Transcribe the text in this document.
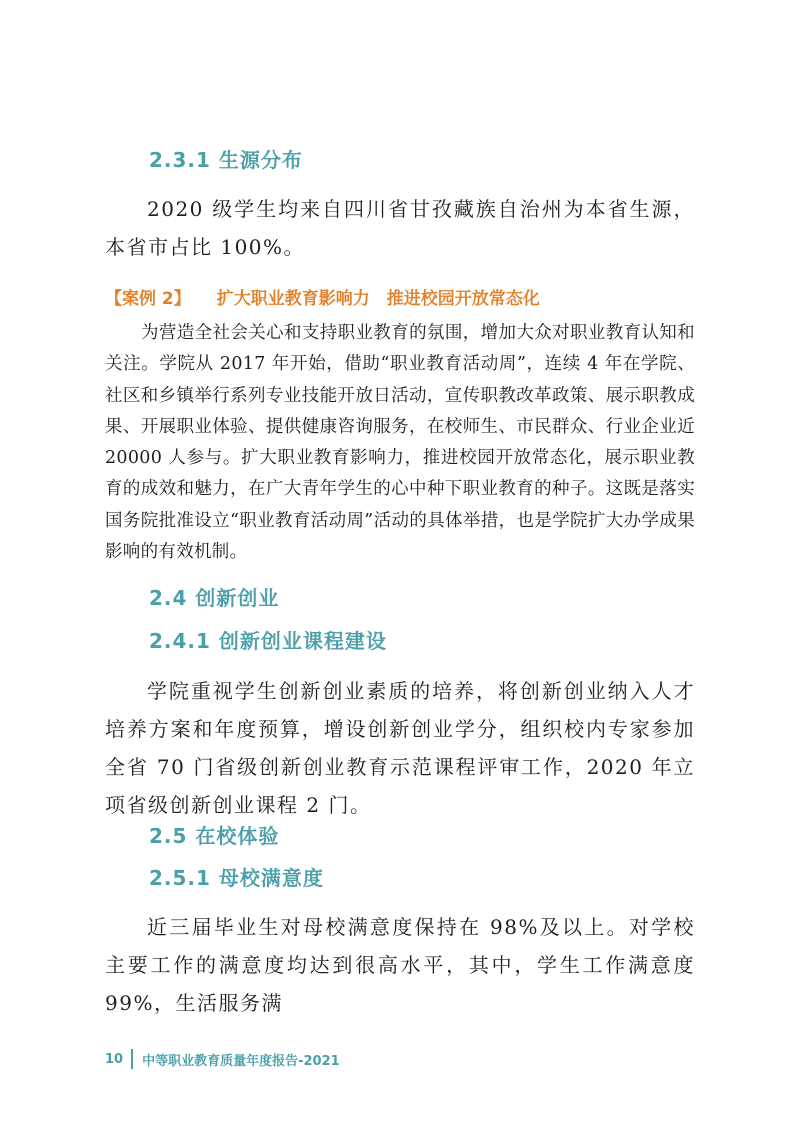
2.3.1 生源分布

2020 级学生均来自四川省甘孜藏族自治州为本省生源，本省市占比 100%。

【案例 2】 扩大职业教育影响力　推进校园开放常态化

为营造全社会关心和支持职业教育的氛围，增加大众对职业教育认知和关注。学院从 2017 年开始，借助“职业教育活动周”，连续 4 年在学院、社区和乡镇举行系列专业技能开放日活动，宣传职教改革政策、展示职教成果、开展职业体验、提供健康咨询服务，在校师生、市民群众、行业企业近 20000 人参与。扩大职业教育影响力，推进校园开放常态化，展示职业教育的成效和魅力，在广大青年学生的心中种下职业教育的种子。这既是落实国务院批准设立“职业教育活动周”活动的具体举措，也是学院扩大办学成果影响的有效机制。

2.4 创新创业
2.4.1 创新创业课程建设

学院重视学生创新创业素质的培养，将创新创业纳入人才培养方案和年度预算，增设创新创业学分，组织校内专家参加全省 70 门省级创新创业教育示范课程评审工作，2020 年立项省级创新创业课程 2 门。

2.5 在校体验
2.5.1 母校满意度

近三届毕业生对母校满意度保持在 98%及以上。对学校主要工作的满意度均达到很高水平，其中，学生工作满意度 99%，生活服务满

10 中等职业教育质量年度报告-2021
